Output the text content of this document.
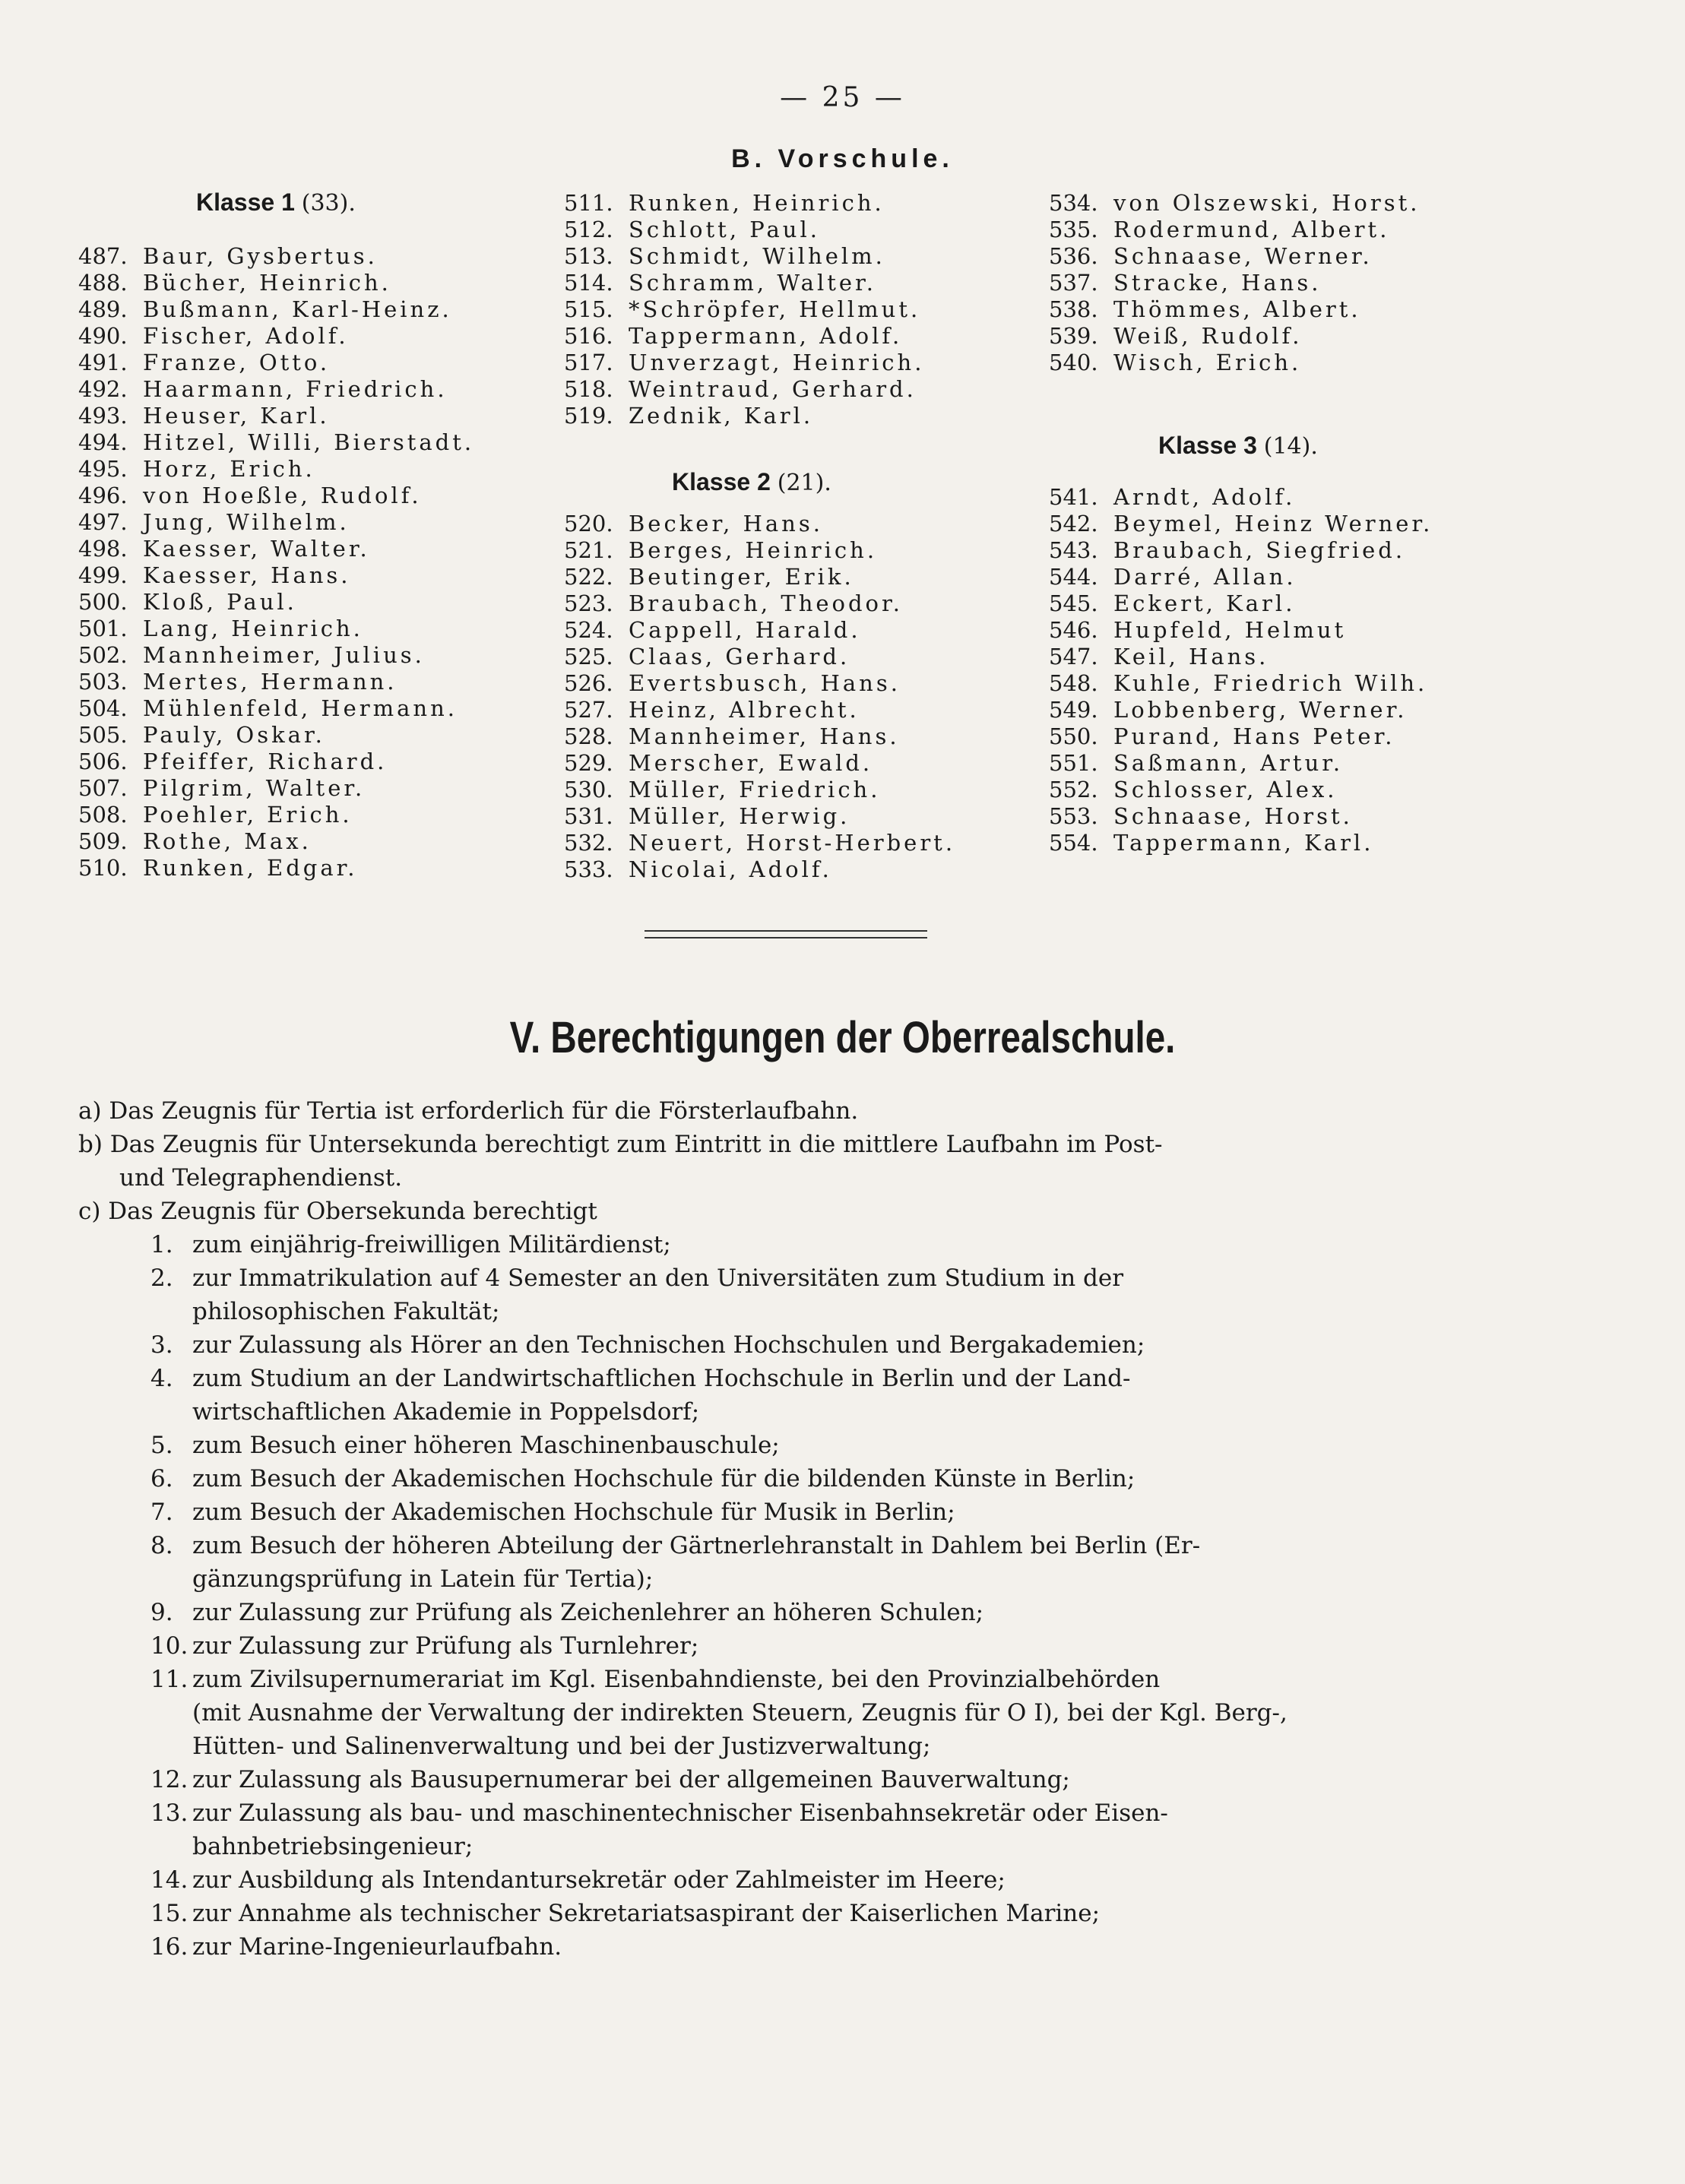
— 25 —
B. Vorschule.
Klasse 1 (33).
487. Baur, Gysbertus.
488. Bücher, Heinrich.
489. Bußmann, Karl-Heinz.
490. Fischer, Adolf.
491. Franze, Otto.
492. Haarmann, Friedrich.
493. Heuser, Karl.
494. Hitzel, Willi, Bierstadt.
495. Horz, Erich.
496. von Hoeßle, Rudolf.
497. Jung, Wilhelm.
498. Kaesser, Walter.
499. Kaesser, Hans.
500. Kloß, Paul.
501. Lang, Heinrich.
502. Mannheimer, Julius.
503. Mertes, Hermann.
504. Mühlenfeld, Hermann.
505. Pauly, Oskar.
506. Pfeiffer, Richard.
507. Pilgrim, Walter.
508. Poehler, Erich.
509. Rothe, Max.
510. Runken, Edgar.
511. Runken, Heinrich.
512. Schlott, Paul.
513. Schmidt, Wilhelm.
514. Schramm, Walter.
515. *Schröpfer, Hellmut.
516. Tappermann, Adolf.
517. Unverzagt, Heinrich.
518. Weintraud, Gerhard.
519. Zednik, Karl.
Klasse 2 (21).
520. Becker, Hans.
521. Berges, Heinrich.
522. Beutinger, Erik.
523. Braubach, Theodor.
524. Cappell, Harald.
525. Claas, Gerhard.
526. Evertsbusch, Hans.
527. Heinz, Albrecht.
528. Mannheimer, Hans.
529. Merscher, Ewald.
530. Müller, Friedrich.
531. Müller, Herwig.
532. Neuert, Horst-Herbert.
533. Nicolai, Adolf.
534. von Olszewski, Horst.
535. Rodermund, Albert.
536. Schnaase, Werner.
537. Stracke, Hans.
538. Thömmes, Albert.
539. Weiß, Rudolf.
540. Wisch, Erich.
Klasse 3 (14).
541. Arndt, Adolf.
542. Beymel, Heinz Werner.
543. Braubach, Siegfried.
544. Darré, Allan.
545. Eckert, Karl.
546. Hupfeld, Helmut
547. Keil, Hans.
548. Kuhle, Friedrich Wilh.
549. Lobbenberg, Werner.
550. Purand, Hans Peter.
551. Saßmann, Artur.
552. Schlosser, Alex.
553. Schnaase, Horst.
554. Tappermann, Karl.
V. Berechtigungen der Oberrealschule.
a) Das Zeugnis für Tertia ist erforderlich für die Försterlaufbahn.
b) Das Zeugnis für Untersekunda berechtigt zum Eintritt in die mittlere Laufbahn im Post-
und Telegraphendienst.
c) Das Zeugnis für Obersekunda berechtigt
1. zum einjährig-freiwilligen Militärdienst;
2. zur Immatrikulation auf 4 Semester an den Universitäten zum Studium in der
philosophischen Fakultät;
3. zur Zulassung als Hörer an den Technischen Hochschulen und Bergakademien;
4. zum Studium an der Landwirtschaftlichen Hochschule in Berlin und der Land-
wirtschaftlichen Akademie in Poppelsdorf;
5. zum Besuch einer höheren Maschinenbauschule;
6. zum Besuch der Akademischen Hochschule für die bildenden Künste in Berlin;
7. zum Besuch der Akademischen Hochschule für Musik in Berlin;
8. zum Besuch der höheren Abteilung der Gärtnerlehranstalt in Dahlem bei Berlin (Er-
gänzungsprüfung in Latein für Tertia);
9. zur Zulassung zur Prüfung als Zeichenlehrer an höheren Schulen;
10. zur Zulassung zur Prüfung als Turnlehrer;
11. zum Zivilsupernumerariat im Kgl. Eisenbahndienste, bei den Provinzialbehörden
(mit Ausnahme der Verwaltung der indirekten Steuern, Zeugnis für O I), bei der Kgl. Berg-,
Hütten- und Salinenverwaltung und bei der Justizverwaltung;
12. zur Zulassung als Bausupernumerar bei der allgemeinen Bauverwaltung;
13. zur Zulassung als bau- und maschinentechnischer Eisenbahnsekretär oder Eisen-
bahnbetriebsingenieur;
14. zur Ausbildung als Intendantursekretär oder Zahlmeister im Heere;
15. zur Annahme als technischer Sekretariatsaspirant der Kaiserlichen Marine;
16. zur Marine-Ingenieurlaufbahn.
